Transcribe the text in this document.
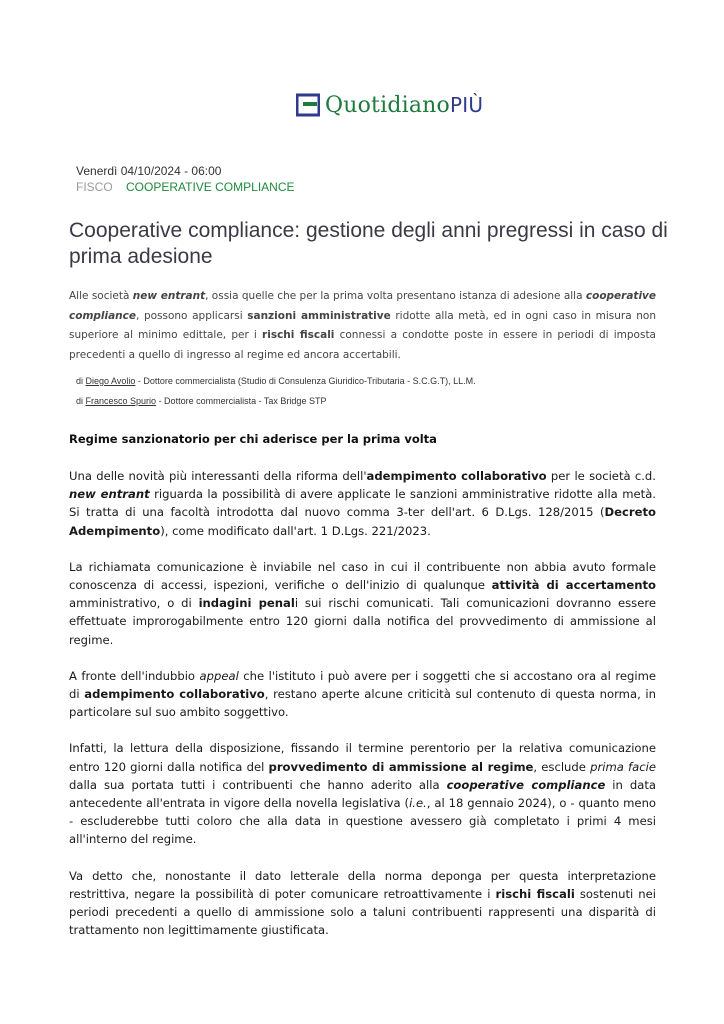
QuotidianoPIÙ
Venerdì 04/10/2024 - 06:00
FISCO COOPERATIVE COMPLIANCE
Cooperative compliance: gestione degli anni pregressi in caso di prima adesione

Alle società new entrant, ossia quelle che per la prima volta presentano istanza di adesione alla cooperative compliance, possono applicarsi sanzioni amministrative ridotte alla metà, ed in ogni caso in misura non superiore al minimo edittale, per i rischi fiscali connessi a condotte poste in essere in periodi di imposta precedenti a quello di ingresso al regime ed ancora accertabili.

di Diego Avolio - Dottore commercialista (Studio di Consulenza Giuridico-Tributaria - S.C.G.T), LL.M.
di Francesco Spurio - Dottore commercialista - Tax Bridge STP
Regime sanzionatorio per chi aderisce per la prima volta

Una delle novità più interessanti della riforma dell'adempimento collaborativo per le società c.d. new entrant riguarda la possibilità di avere applicate le sanzioni amministrative ridotte alla metà. Si tratta di una facoltà introdotta dal nuovo comma 3-ter dell'art. 6 D.Lgs. 128/2015 (Decreto Adempimento), come modificato dall'art. 1 D.Lgs. 221/2023.

La richiamata comunicazione è inviabile nel caso in cui il contribuente non abbia avuto formale conoscenza di accessi, ispezioni, verifiche o dell'inizio di qualunque attività di accertamento amministrativo, o di indagini penali sui rischi comunicati. Tali comunicazioni dovranno essere effettuate improrogabilmente entro 120 giorni dalla notifica del provvedimento di ammissione al regime.

A fronte dell'indubbio appeal che l'istituto i può avere per i soggetti che si accostano ora al regime di adempimento collaborativo, restano aperte alcune criticità sul contenuto di questa norma, in particolare sul suo ambito soggettivo.

Infatti, la lettura della disposizione, fissando il termine perentorio per la relativa comunicazione entro 120 giorni dalla notifica del provvedimento di ammissione al regime, esclude prima facie dalla sua portata tutti i contribuenti che hanno aderito alla cooperative compliance in data antecedente all'entrata in vigore della novella legislativa (i.e., al 18 gennaio 2024), o - quanto meno - escluderebbe tutti coloro che alla data in questione avessero già completato i primi 4 mesi all'interno del regime.

Va detto che, nonostante il dato letterale della norma deponga per questa interpretazione restrittiva, negare la possibilità di poter comunicare retroattivamente i rischi fiscali sostenuti nei periodi precedenti a quello di ammissione solo a taluni contribuenti rappresenti una disparità di trattamento non legittimamente giustificata.
